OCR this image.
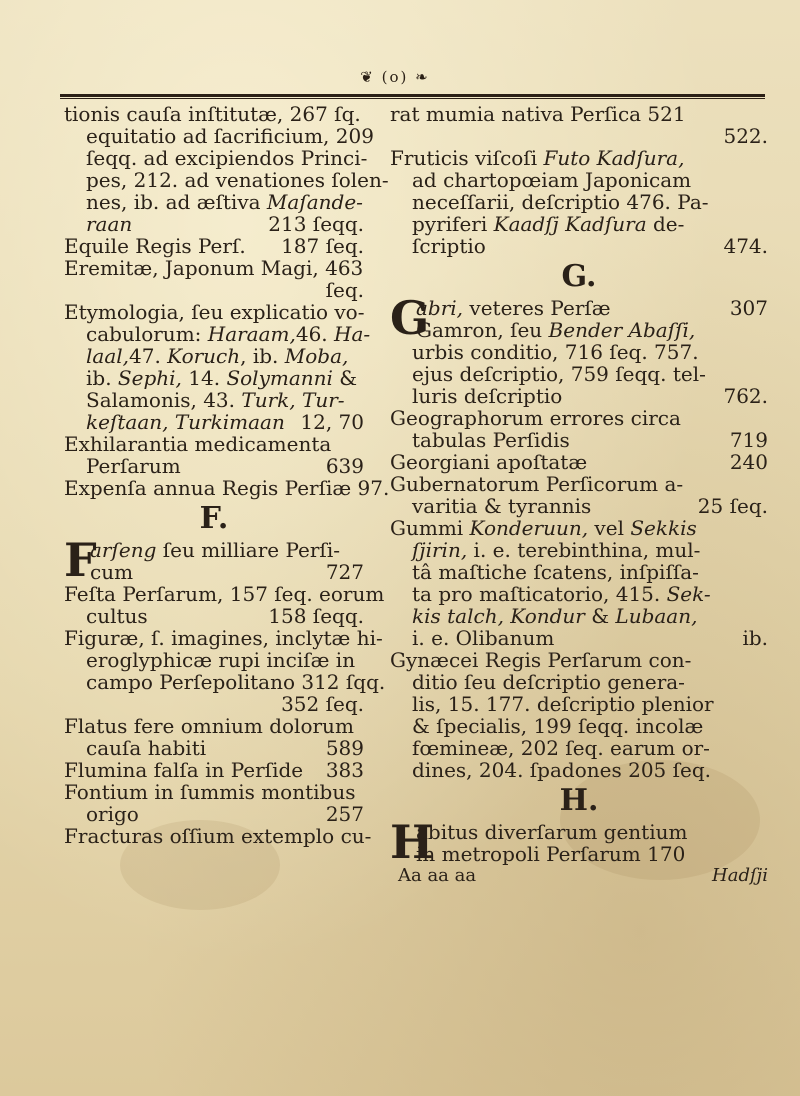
❦ (o) ❧
tionis cauſa inſtitutæ, 267 ſq.
equitatio ad ſacrificium, 209
ſeqq. ad excipiendos Princi-
pes, 212. ad venationes ſolen-
nes, ib. ad æſtiva Maſande-
raan	213 ſeqq.
Equile Regis Perſ. 187 ſeq.
Eremitæ, Japonum Magi, 463
ſeq.
Etymologia, ſeu explicatio vo-
cabulorum: Haraam,46. Ha-
laal,47. Koruch, ib. Moba,
ib. Sephi, 14. Solymanni &
Salamonis, 43. Turk, Tur-
keſtaan, Turkimaan 12, 70
Exhilarantia medicamenta
Perſarum	639
Expenſa annua Regis Perſiæ 97.
F.
F
arſeng ſeu milliare Perſi-
cum	727
Feſta Perſarum, 157 ſeq. eorum
cultus	158 ſeqq.
Figuræ, ſ. imagines, inclytæ hi-
eroglyphicæ rupi inciſæ in
campo Perſepolitano 312 ſqq.
352 ſeq.
Flatus fere omnium dolorum
cauſa habiti	589
Flumina falſa in Perſide 383
Fontium in ſummis montibus
origo	257
Fracturas oſſium extemplo cu-
rat mumia nativa Perſica 521
522.
Fruticis viſcoſi Futo Kadſura,
ad chartopœiam Japonicam
neceſſarii, deſcriptio 476. Pa-
pyriferi Kaadſj Kadſura de-
ſcriptio	474.
G.
G
abri, veteres Perſæ	307
Gamron, ſeu Bender Abaſſi,
urbis conditio, 716 ſeq. 757.
ejus deſcriptio, 759 ſeqq. tel-
luris deſcriptio	762.
Geographorum errores circa
tabulas Perſidis	719
Georgiani apoſtatæ	240
Gubernatorum Perſicorum a-
varitia & tyrannis	25 ſeq.
Gummi Konderuun, vel Sekkis
ſjirin, i. e. terebinthina, mul-
tâ maſtiche ſcatens, inſpiſſa-
ta pro maſticatorio, 415. Sek-
kis talch, Kondur & Lubaan,
i. e. Olibanum	ib.
Gynæcei Regis Perſarum con-
ditio ſeu deſcriptio genera-
lis, 15. 177. deſcriptio plenior
& ſpecialis, 199 ſeqq. incolæ
fœmineæ, 202 ſeq. earum or-
dines, 204. ſpadones 205 ſeq.
H.
H
abitus diverſarum gentium
in metropoli Perſarum 170
Aa aa aa	Hadſji
